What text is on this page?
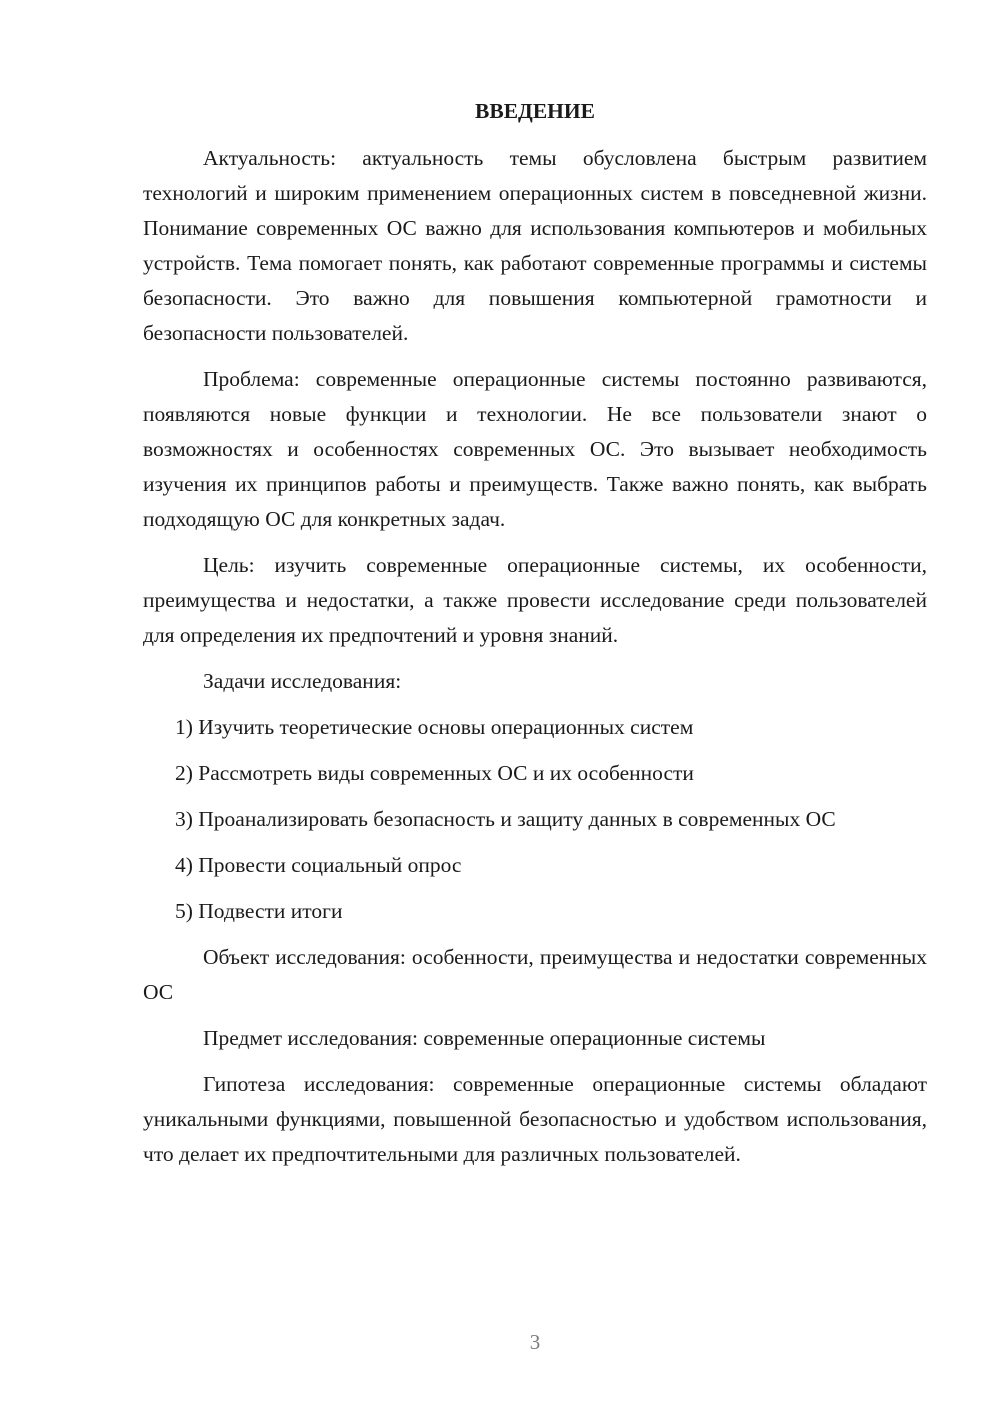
ВВЕДЕНИЕ

Актуальность: актуальность темы обусловлена быстрым развитием технологий и широким применением операционных систем в повседневной жизни. Понимание современных ОС важно для использования компьютеров и мобильных устройств. Тема помогает понять, как работают современные программы и системы безопасности. Это важно для повышения компьютерной грамотности и безопасности пользователей.

Проблема: современные операционные системы постоянно развиваются, появляются новые функции и технологии. Не все пользователи знают о возможностях и особенностях современных ОС. Это вызывает необходимость изучения их принципов работы и преимуществ. Также важно понять, как выбрать подходящую ОС для конкретных задач.

Цель: изучить современные операционные системы, их особенности, преимущества и недостатки, а также провести исследование среди пользователей для определения их предпочтений и уровня знаний.

Задачи исследования:

1) Изучить теоретические основы операционных систем

2) Рассмотреть виды современных ОС и их особенности

3) Проанализировать безопасность и защиту данных в современных ОС

4) Провести социальный опрос

5) Подвести итоги

Объект исследования: особенности, преимущества и недостатки современных ОС

Предмет исследования: современные операционные системы

Гипотеза исследования: современные операционные системы обладают уникальными функциями, повышенной безопасностью и удобством использования, что делает их предпочтительными для различных пользователей.

3
